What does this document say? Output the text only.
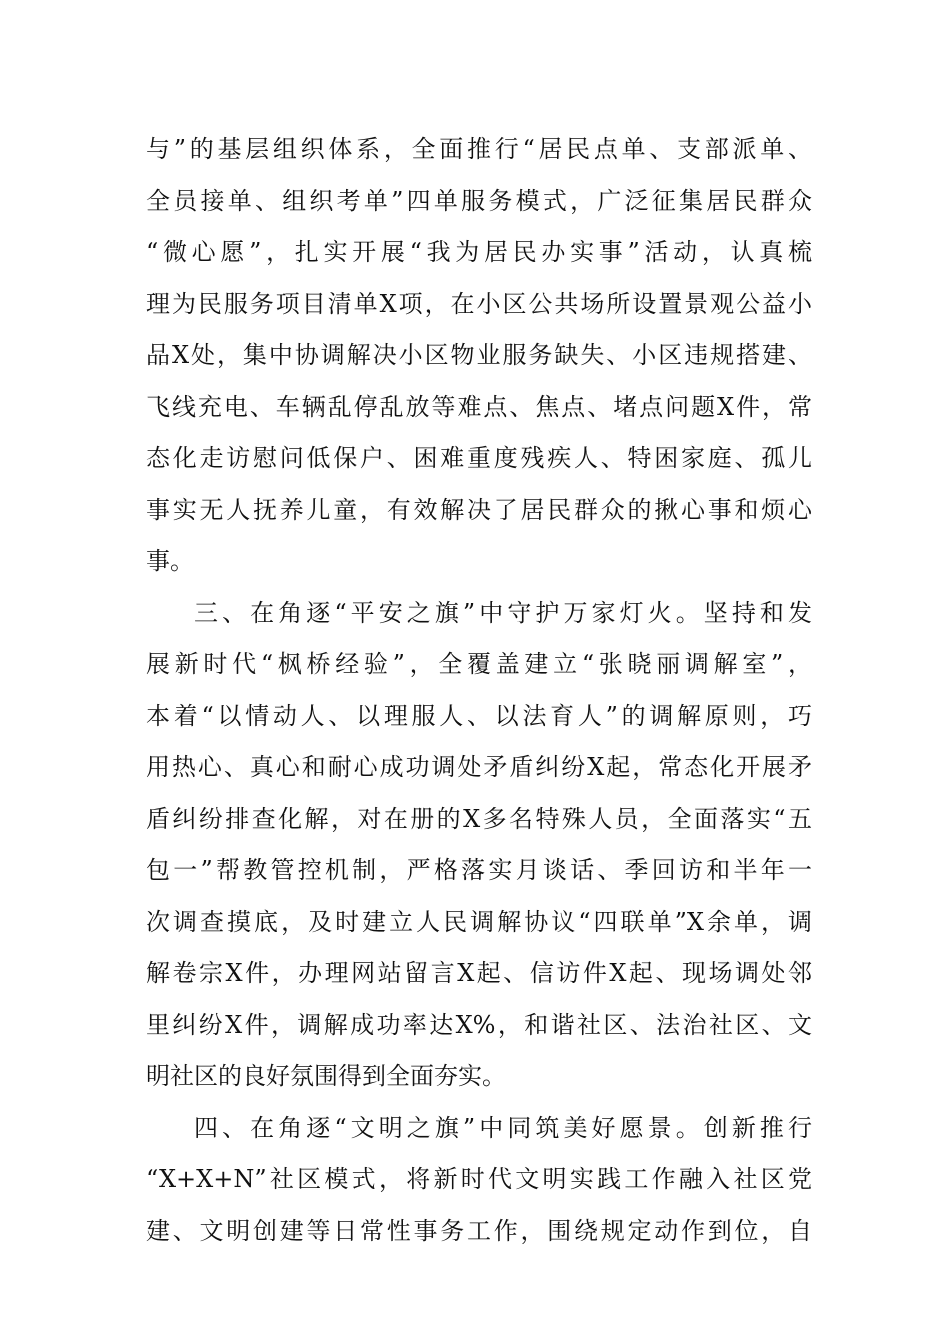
与”的基层组织体系，全面推行“居民点单、支部派单、
全员接单、组织考单”四单服务模式，广泛征集居民群众
“微心愿”，扎实开展“我为居民办实事”活动，认真梳
理为民服务项目清单X项，在小区公共场所设置景观公益小
品X处，集中协调解决小区物业服务缺失、小区违规搭建、
飞线充电、车辆乱停乱放等难点、焦点、堵点问题X件，常
态化走访慰问低保户、困难重度残疾人、特困家庭、孤儿
事实无人抚养儿童，有效解决了居民群众的揪心事和烦心
事。
三、在角逐“平安之旗”中守护万家灯火。坚持和发
展新时代“枫桥经验”，全覆盖建立“张晓丽调解室”，
本着“以情动人、以理服人、以法育人”的调解原则，巧
用热心、真心和耐心成功调处矛盾纠纷X起，常态化开展矛
盾纠纷排查化解，对在册的X多名特殊人员，全面落实“五
包一”帮教管控机制，严格落实月谈话、季回访和半年一
次调查摸底，及时建立人民调解协议“四联单”X余单，调
解卷宗X件，办理网站留言X起、信访件X起、现场调处邻
里纠纷X件，调解成功率达X%，和谐社区、法治社区、文
明社区的良好氛围得到全面夯实。
四、在角逐“文明之旗”中同筑美好愿景。创新推行
“X+X+N”社区模式，将新时代文明实践工作融入社区党
建、文明创建等日常性事务工作，围绕规定动作到位，自
